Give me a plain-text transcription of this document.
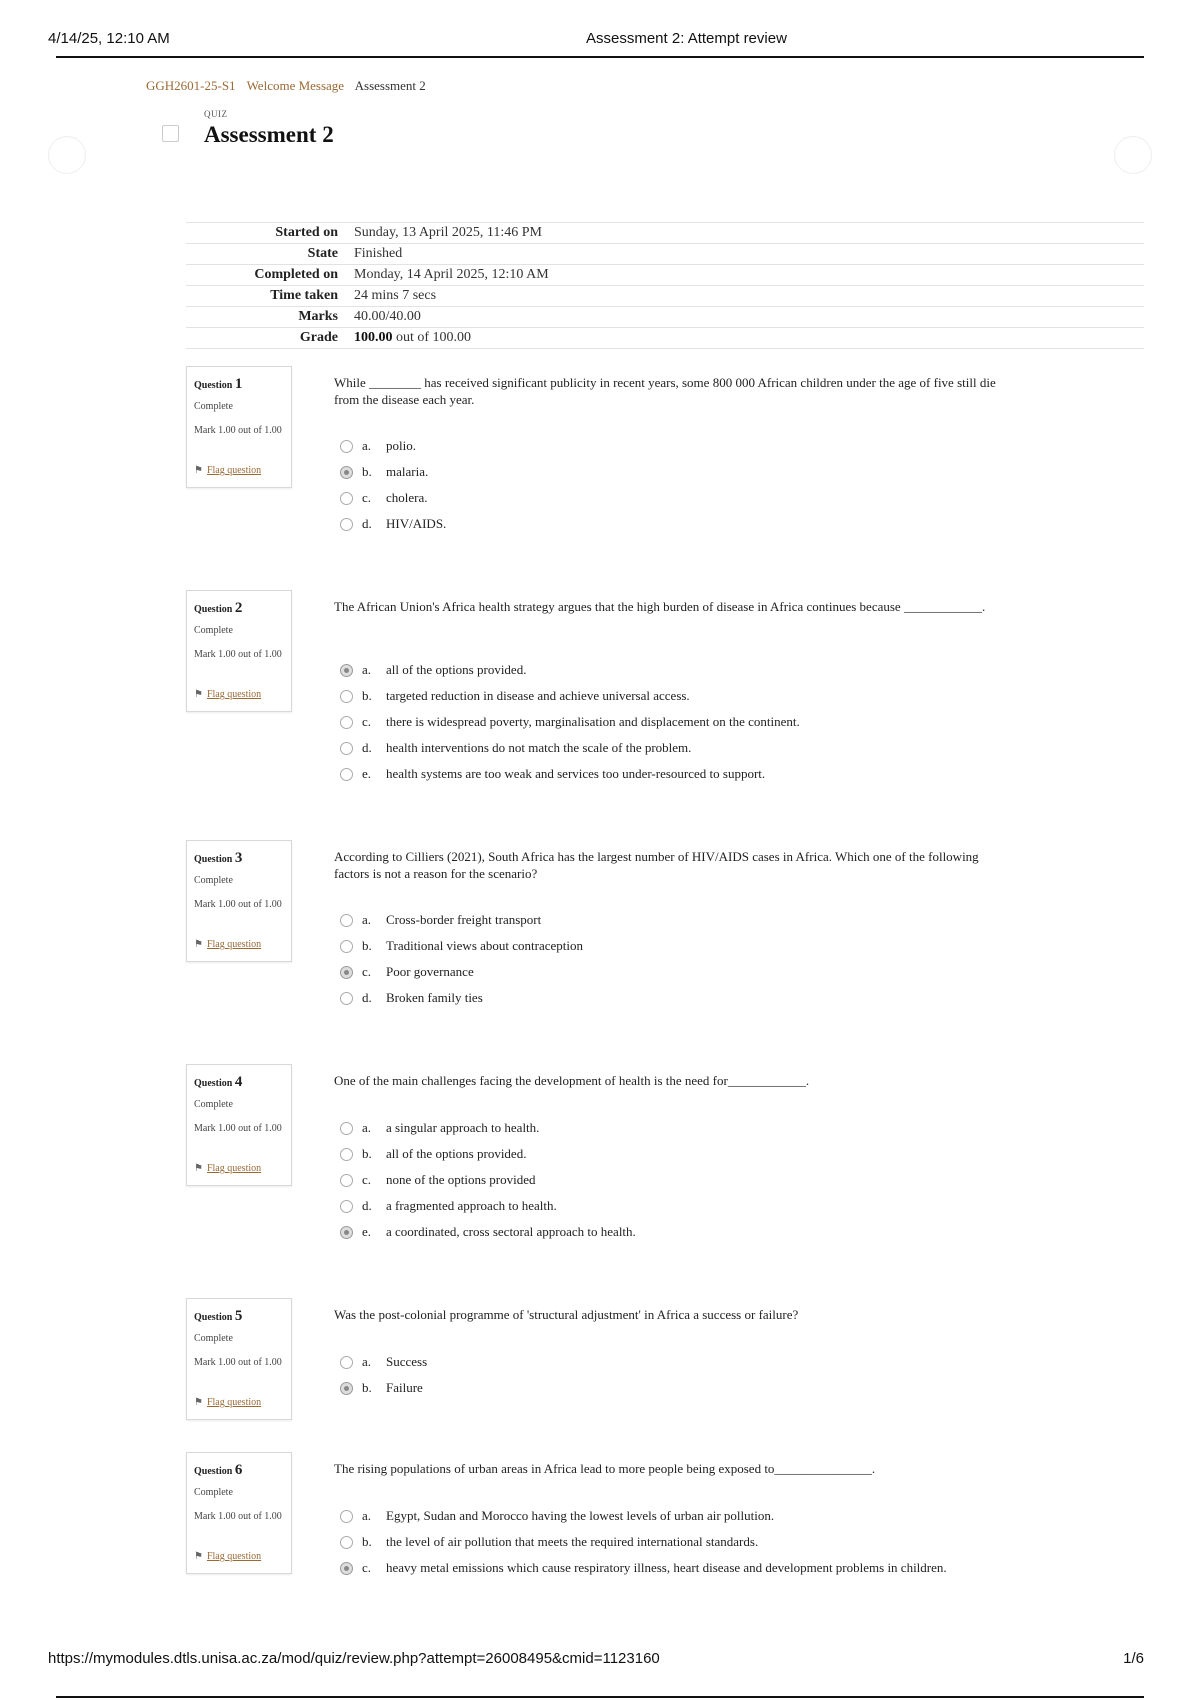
4/14/25, 12:10 AM	Assessment 2: Attempt review
GGH2601-25-S1 Welcome Message Assessment 2
QUIZ
Assessment 2
Started on	Sunday, 13 April 2025, 11:46 PM
State	Finished
Completed on	Monday, 14 April 2025, 12:10 AM
Time taken	24 mins 7 secs
Marks	40.00/40.00
Grade	100.00 out of 100.00
Question 1
Complete
Mark 1.00 out of 1.00
⚑ Flag question
While ________ has received significant publicity in recent years, some 800 000 African children under the age of five still die from the disease each year.
a. polio.
b. malaria.
c. cholera.
d. HIV/AIDS.
Question 2
Complete
Mark 1.00 out of 1.00
⚑ Flag question
The African Union's Africa health strategy argues that the high burden of disease in Africa continues because ____________.
a. all of the options provided.
b. targeted reduction in disease and achieve universal access.
c. there is widespread poverty, marginalisation and displacement on the continent.
d. health interventions do not match the scale of the problem.
e. health systems are too weak and services too under-resourced to support.
Question 3
Complete
Mark 1.00 out of 1.00
⚑ Flag question
According to Cilliers (2021), South Africa has the largest number of HIV/AIDS cases in Africa. Which one of the following factors is not a reason for the scenario?
a. Cross-border freight transport
b. Traditional views about contraception
c. Poor governance
d. Broken family ties
Question 4
Complete
Mark 1.00 out of 1.00
⚑ Flag question
One of the main challenges facing the development of health is the need for____________.
a. a singular approach to health.
b. all of the options provided.
c. none of the options provided
d. a fragmented approach to health.
e. a coordinated, cross sectoral approach to health.
Question 5
Complete
Mark 1.00 out of 1.00
⚑ Flag question
Was the post-colonial programme of 'structural adjustment' in Africa a success or failure?
a. Success
b. Failure
Question 6
Complete
Mark 1.00 out of 1.00
⚑ Flag question
The rising populations of urban areas in Africa lead to more people being exposed to_______________.
a. Egypt, Sudan and Morocco having the lowest levels of urban air pollution.
b. the level of air pollution that meets the required international standards.
c. heavy metal emissions which cause respiratory illness, heart disease and development problems in children.
https://mymodules.dtls.unisa.ac.za/mod/quiz/review.php?attempt=26008495&cmid=1123160	1/6
